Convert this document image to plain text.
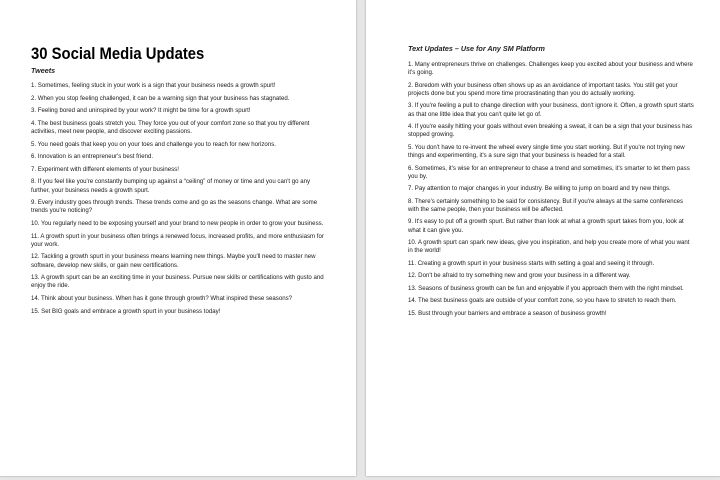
30 Social Media Updates
Tweets
1. Sometimes, feeling stuck in your work is a sign that your business needs a growth spurt!
2. When you stop feeling challenged, it can be a warning sign that your business has stagnated.
3. Feeling bored and uninspired by your work? It might be time for a growth spurt!
4. The best business goals stretch you. They force you out of your comfort zone so that you try different activities, meet new people, and discover exciting passions.
5. You need goals that keep you on your toes and challenge you to reach for new horizons.
6. Innovation is an entrepreneur's best friend.
7. Experiment with different elements of your business!
8. If you feel like you're constantly bumping up against a “ceiling” of money or time and you can't go any further, your business needs a growth spurt.
9. Every industry goes through trends. These trends come and go as the seasons change. What are some trends you're noticing?
10. You regularly need to be exposing yourself and your brand to new people in order to grow your business.
11. A growth spurt in your business often brings a renewed focus, increased profits, and more enthusiasm for your work.
12. Tackling a growth spurt in your business means learning new things. Maybe you'll need to master new software, develop new skills, or gain new certifications.
13. A growth spurt can be an exciting time in your business. Pursue new skills or certifications with gusto and enjoy the ride.
14. Think about your business. When has it gone through growth? What inspired these seasons?
15. Set BIG goals and embrace a growth spurt in your business today!
Text Updates – Use for Any SM Platform
1. Many entrepreneurs thrive on challenges. Challenges keep you excited about your business and where it's going.
2. Boredom with your business often shows up as an avoidance of important tasks. You still get your projects done but you spend more time procrastinating than you do actually working.
3. If you're feeling a pull to change direction with your business, don't ignore it. Often, a growth spurt starts as that one little idea that you can't quite let go of.
4. If you're easily hitting your goals without even breaking a sweat, it can be a sign that your business has stopped growing.
5. You don't have to re-invent the wheel every single time you start working. But if you're not trying new things and experimenting, it's a sure sign that your business is headed for a stall.
6. Sometimes, it's wise for an entrepreneur to chase a trend and sometimes, it's smarter to let them pass you by.
7. Pay attention to major changes in your industry. Be willing to jump on board and try new things.
8. There's certainly something to be said for consistency. But if you're always at the same conferences with the same people, then your business will be affected.
9. It's easy to put off a growth spurt. But rather than look at what a growth spurt takes from you, look at what it can give you.
10. A growth spurt can spark new ideas, give you inspiration, and help you create more of what you want in the world!
11. Creating a growth spurt in your business starts with setting a goal and seeing it through.
12. Don't be afraid to try something new and grow your business in a different way.
13. Seasons of business growth can be fun and enjoyable if you approach them with the right mindset.
14. The best business goals are outside of your comfort zone, so you have to stretch to reach them.
15. Bust through your barriers and embrace a season of business growth!
